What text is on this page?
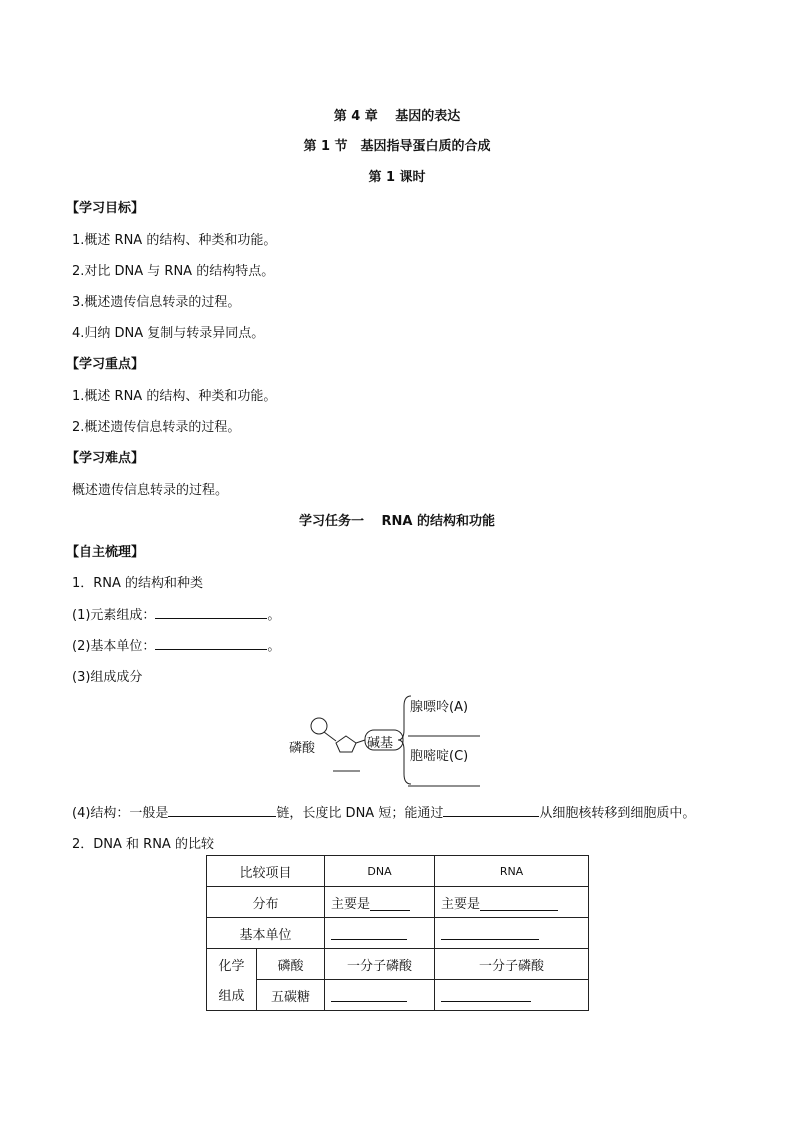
第 4 章　 基因的表达
第 1 节　基因指导蛋白质的合成
第 1 课时
【学习目标】
1.概述 RNA 的结构、种类和功能。
2.对比 DNA 与 RNA 的结构特点。
3.概述遗传信息转录的过程。
4.归纳 DNA 复制与转录异同点。
【学习重点】
1.概述 RNA 的结构、种类和功能。
2.概述遗传信息转录的过程。
【学习难点】
概述遗传信息转录的过程。
学习任务一　 RNA 的结构和功能
【自主梳理】
1．RNA 的结构和种类
(1)元素组成：	。
(2)基本单位：	。
(3)组成成分
磷酸	碱基
腺嘌呤(A)
胞嘧啶(C)
(4)结构：一般是	链，长度比 DNA 短；能通过	从细胞核转移到细胞质中。
2．DNA 和 RNA 的比较
比较项目		DNA	RNA
分布		主要是	主要是
基本单位			
化学	磷酸	一分子磷酸	一分子磷酸
组成	五碳糖		
